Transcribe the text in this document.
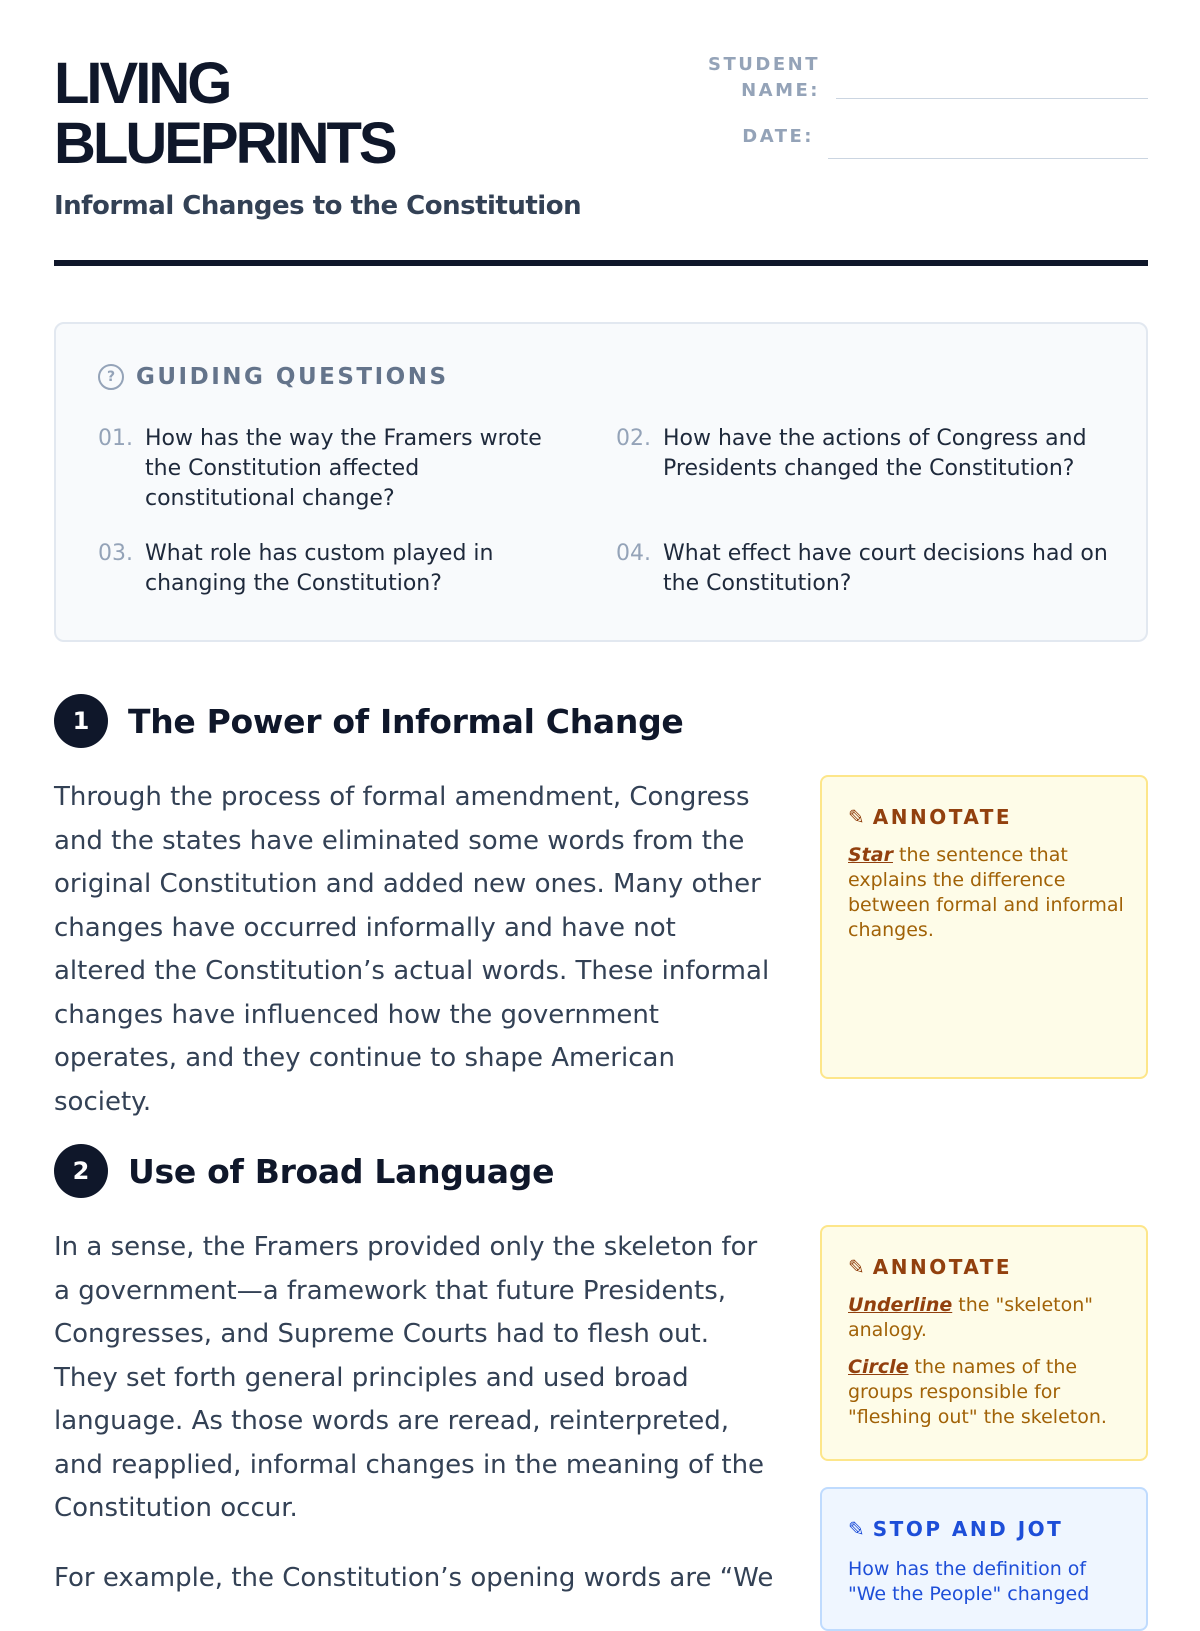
LIVING
BLUEPRINTS
Informal Changes to the Constitution
STUDENT
NAME:
DATE:
? GUIDING QUESTIONS
01. How has the way the Framers wrote the Constitution affected constitutional change?
02. How have the actions of Congress and Presidents changed the Constitution?
03. What role has custom played in changing the Constitution?
04. What effect have court decisions had on the Constitution?
1	The Power of Informal Change
Through the process of formal amendment, Congress and the states have eliminated some words from the original Constitution and added new ones. Many other changes have occurred informally and have not altered the Constitution’s actual words. These informal changes have influenced how the government operates, and they continue to shape American society.
✎ ANNOTATE

Star the sentence that explains the difference between formal and informal changes.

2	Use of Broad Language
In a sense, the Framers provided only the skeleton for a government—a framework that future Presidents, Congresses, and Supreme Courts had to flesh out. They set forth general principles and used broad language. As those words are reread, reinterpreted, and reapplied, informal changes in the meaning of the Constitution occur.
For example, the Constitution’s opening words are “We
✎ ANNOTATE

Underline the "skeleton" analogy.

Circle the names of the groups responsible for "fleshing out" the skeleton.

✎ STOP AND JOT
How has the definition of "We the People" changed
